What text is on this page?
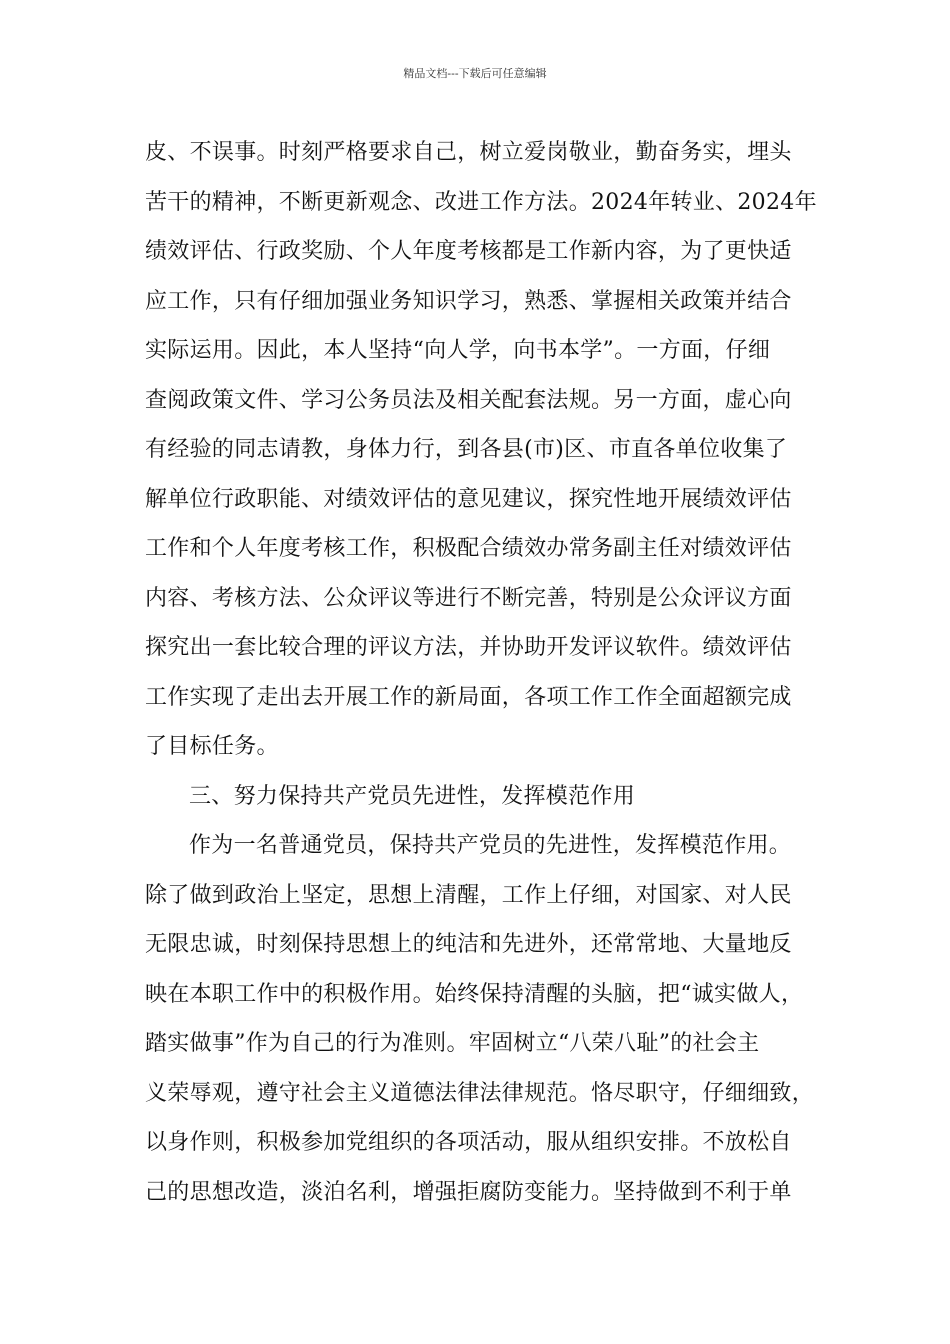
精品文档---下载后可任意编辑
皮、不误事。时刻严格要求自己，树立爱岗敬业，勤奋务实，埋头
苦干的精神，不断更新观念、改进工作方法。2024年转业、2024年
绩效评估、行政奖励、个人年度考核都是工作新内容，为了更快适
应工作，只有仔细加强业务知识学习，熟悉、掌握相关政策并结合
实际运用。因此，本人坚持“向人学，向书本学”。一方面，仔细
查阅政策文件、学习公务员法及相关配套法规。另一方面，虚心向
有经验的同志请教，身体力行，到各县(市)区、市直各单位收集了
解单位行政职能、对绩效评估的意见建议，探究性地开展绩效评估
工作和个人年度考核工作，积极配合绩效办常务副主任对绩效评估
内容、考核方法、公众评议等进行不断完善，特别是公众评议方面
探究出一套比较合理的评议方法，并协助开发评议软件。绩效评估
工作实现了走出去开展工作的新局面，各项工作工作全面超额完成
了目标任务。
三、努力保持共产党员先进性，发挥模范作用
作为一名普通党员，保持共产党员的先进性，发挥模范作用。
除了做到政治上坚定，思想上清醒，工作上仔细，对国家、对人民
无限忠诚，时刻保持思想上的纯洁和先进外，还常常地、大量地反
映在本职工作中的积极作用。始终保持清醒的头脑，把“诚实做人，
踏实做事”作为自己的行为准则。牢固树立“八荣八耻”的社会主
义荣辱观，遵守社会主义道德法律法律规范。恪尽职守，仔细细致，
以身作则，积极参加党组织的各项活动，服从组织安排。不放松自
己的思想改造，淡泊名利，增强拒腐防变能力。坚持做到不利于单
